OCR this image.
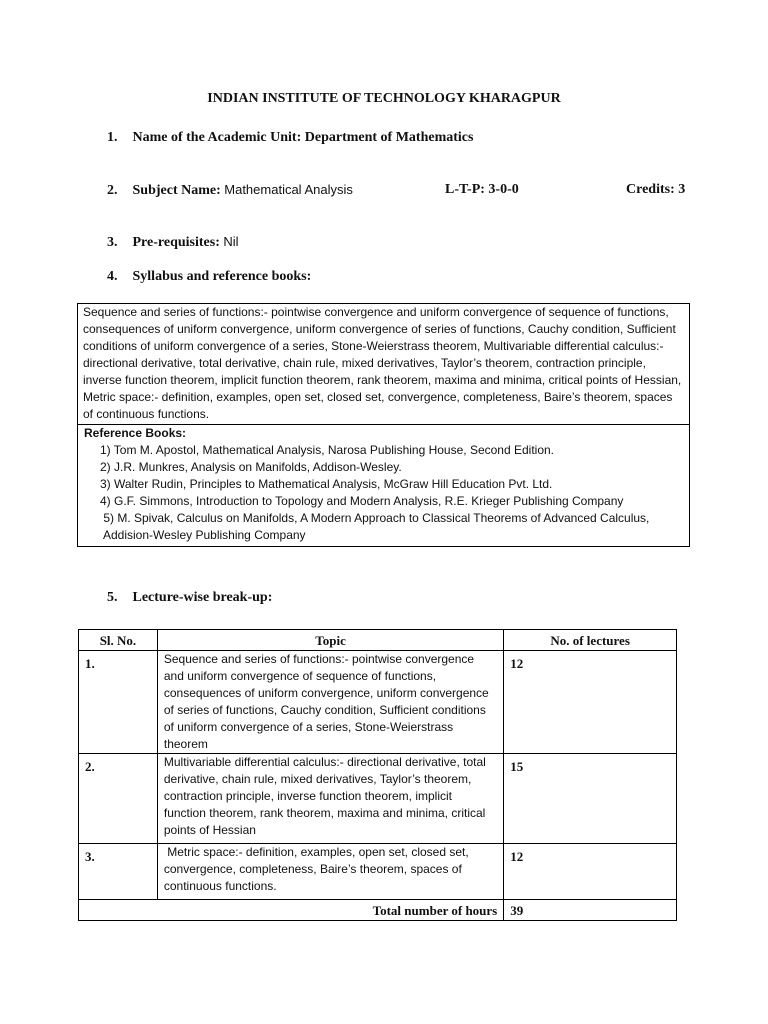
INDIAN INSTITUTE OF TECHNOLOGY KHARAGPUR
1. Name of the Academic Unit: Department of Mathematics
2. Subject Name: Mathematical Analysis	L-T-P: 3-0-0	Credits: 3
3. Pre-requisites: Nil
4. Syllabus and reference books:
Sequence and series of functions:- pointwise convergence and uniform convergence of sequence of functions, consequences of uniform convergence, uniform convergence of series of functions, Cauchy condition, Sufficient conditions of uniform convergence of a series, Stone-Weierstrass theorem, Multivariable differential calculus:- directional derivative, total derivative, chain rule, mixed derivatives, Taylor’s theorem, contraction principle, inverse function theorem, implicit function theorem, rank theorem, maxima and minima, critical points of Hessian, Metric space:- definition, examples, open set, closed set, convergence, completeness, Baire’s theorem, spaces of continuous functions.
Reference Books:
1) Tom M. Apostol, Mathematical Analysis, Narosa Publishing House, Second Edition.
2) J.R. Munkres, Analysis on Manifolds, Addison-Wesley.
3) Walter Rudin, Principles to Mathematical Analysis, McGraw Hill Education Pvt. Ltd.
4) G.F. Simmons, Introduction to Topology and Modern Analysis, R.E. Krieger Publishing Company
5) M. Spivak, Calculus on Manifolds, A Modern Approach to Classical Theorems of Advanced Calculus,
Addision-Wesley Publishing Company
5. Lecture-wise break-up:
Sl. No.	Topic	No. of lectures
1.	Sequence and series of functions:- pointwise convergence and uniform convergence of sequence of functions, consequences of uniform convergence, uniform convergence of series of functions, Cauchy condition, Sufficient conditions of uniform convergence of a series, Stone-Weierstrass theorem	12
2.	Multivariable differential calculus:- directional derivative, total derivative, chain rule, mixed derivatives, Taylor’s theorem, contraction principle, inverse function theorem, implicit function theorem, rank theorem, maxima and minima, critical points of Hessian	15
3.	Metric space:- definition, examples, open set, closed set, convergence, completeness, Baire’s theorem, spaces of continuous functions.	12
Total number of hours		39
